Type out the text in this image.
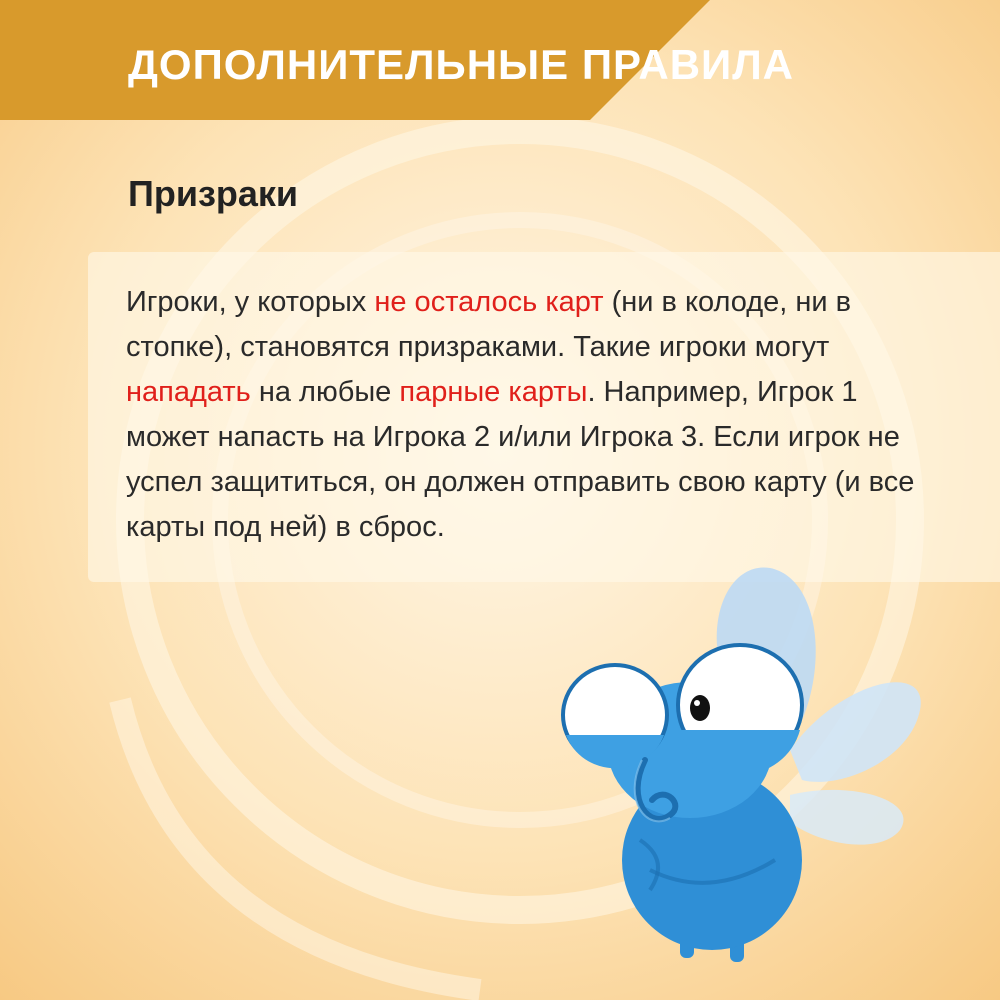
ДОПОЛНИТЕЛЬНЫЕ ПРАВИЛА
Призраки

Игроки, у которых не осталось карт (ни в колоде, ни в стопке), становятся призраками. Такие игроки могут нападать на любые парные карты. Например, Игрок 1 может напасть на Игрока 2 и/или Игрока 3. Если игрок не успел защититься, он должен отправить свою карту (и все карты под ней) в сброс.
